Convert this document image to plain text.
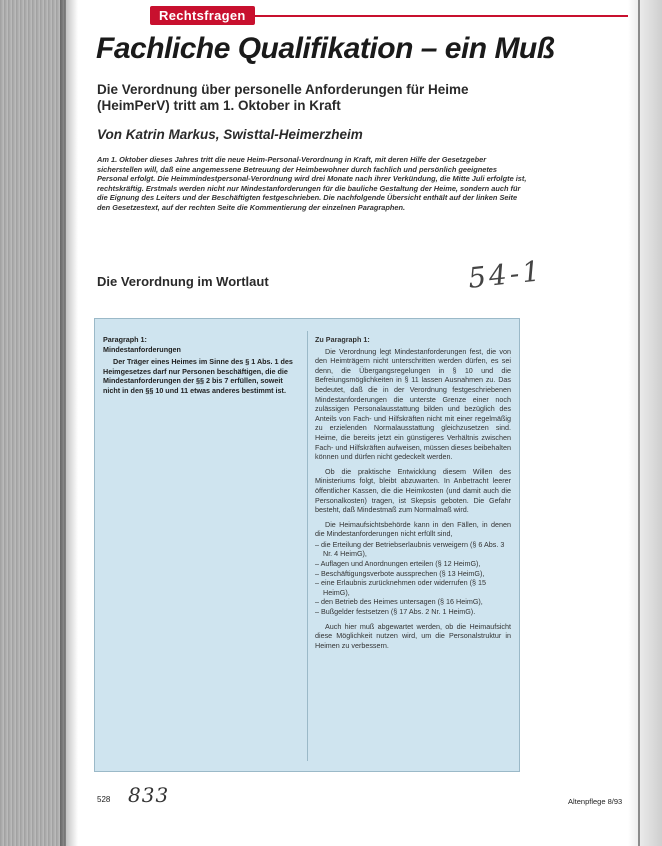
Rechtsfragen
Fachliche Qualifikation – ein Muß
Die Verordnung über personelle Anforderungen für Heime (HeimPerV) tritt am 1. Oktober in Kraft
Von Katrin Markus, Swisttal-Heimerzheim
Am 1. Oktober dieses Jahres tritt die neue Heim-Personal-Verordnung in Kraft, mit deren Hilfe der Gesetzgeber sicherstellen will, daß eine angemessene Betreuung der Heimbewohner durch fachlich und persönlich geeignetes Personal erfolgt. Die Heimmindestpersonal-Verordnung wird drei Monate nach ihrer Verkündung, die Mitte Juli erfolgte ist, rechtskräftig. Erstmals werden nicht nur Mindestanforderungen für die bauliche Gestaltung der Heime, sondern auch für die Eignung des Leiters und der Beschäftigten festgeschrieben. Die nachfolgende Übersicht enthält auf der linken Seite den Gesetzestext, auf der rechten Seite die Kommentierung der einzelnen Paragraphen.
Die Verordnung im Wortlaut	54-1
Paragraph 1:
Mindestanforderungen
Der Träger eines Heimes im Sinne des § 1 Abs. 1 des Heimgesetzes darf nur Personen beschäftigen, die die Mindestanforderungen der §§ 2 bis 7 erfüllen, soweit nicht in den §§ 10 und 11 etwas anderes bestimmt ist.
Zu Paragraph 1:

Die Verordnung legt Mindestanforderungen fest, die von den Heimträgern nicht unterschritten werden dürfen, es sei denn, die Übergangsregelungen in § 10 und die Befreiungsmöglichkeiten in § 11 lassen Ausnahmen zu. Das bedeutet, daß die in der Verordnung festgeschriebenen Mindestanforderungen die unterste Grenze einer noch zulässigen Personalausstattung bilden und bezüglich des Anteils von Fach- und Hilfskräften nicht mit einer regelmäßig zu erzielenden Normalausstattung gleichzusetzen sind. Heime, die bereits jetzt ein günstigeres Verhältnis zwischen Fach- und Hilfskräften aufweisen, müssen dieses beibehalten können und dürfen nicht gedeckelt werden.

Ob die praktische Entwicklung diesem Willen des Ministeriums folgt, bleibt abzuwarten. In Anbetracht leerer öffentlicher Kassen, die die Heimkosten (und damit auch die Personalkosten) tragen, ist Skepsis geboten. Die Gefahr besteht, daß Mindestmaß zum Normalmaß wird.

Die Heimaufsichtsbehörde kann in den Fällen, in denen die Mindestanforderungen nicht erfüllt sind,

– die Erteilung der Betriebserlaubnis verweigern (§ 6 Abs. 3 Nr. 4 HeimG),
– Auflagen und Anordnungen erteilen (§ 12 HeimG),
– Beschäftigungsverbote aussprechen (§ 13 HeimG),
– eine Erlaubnis zurücknehmen oder widerrufen (§ 15 HeimG),
– den Betrieb des Heimes untersagen (§ 16 HeimG),
– Bußgelder festsetzen (§ 17 Abs. 2 Nr. 1 HeimG).

Auch hier muß abgewartet werden, ob die Heimaufsicht diese Möglichkeit nutzen wird, um die Personalstruktur in Heimen zu verbessern.

528 833	Altenpflege 8/93
